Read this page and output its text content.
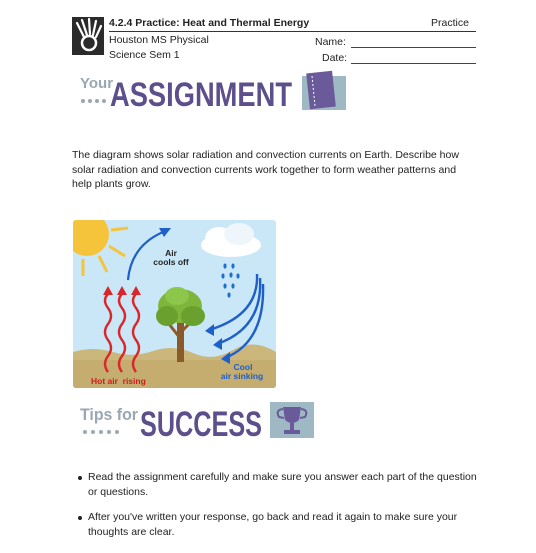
4.2.4 Practice: Heat and Thermal Energy	Practice
Houston MS Physical
Science Sem 1
Name:
Date:
Your
ASSIGNMENT
The diagram shows solar radiation and convection currents on Earth. Describe how solar radiation and convection currents work together to form weather patterns and help plants grow.
Air
cools off
Cool
air sinking
Hot air  rising
Tips for SUCCESS
Read the assignment carefully and make sure you answer each part of the question or questions.
After you've written your response, go back and read it again to make sure your thoughts are clear.
